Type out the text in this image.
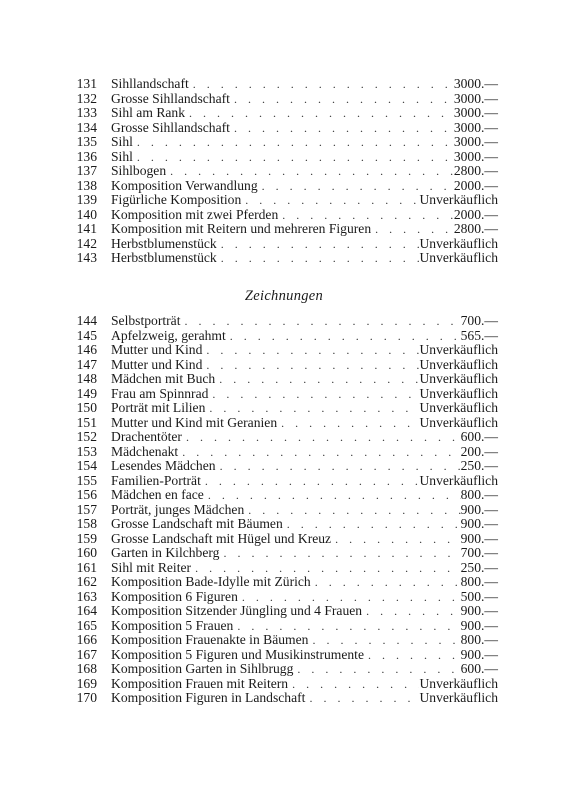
131	Sihllandschaft . . .	3000.—
132	Grosse Sihllandschaft . . .	3000.—
133	Sihl am Rank . . .	3000.—
134	Grosse Sihllandschaft . . .	3000.—
135	Sihl . . .	3000.—
136	Sihl . . .	3000.—
137	Sihlbogen . . .	2800.—
138	Komposition Verwandlung . . .	2000.—
139	Figürliche Komposition . . .	Unverkäuflich
140	Komposition mit zwei Pferden . . .	2000.—
141	Komposition mit Reitern und mehreren Figuren . . .	2800.—
142	Herbstblumenstück . . .	Unverkäuflich
143	Herbstblumenstück . . .	Unverkäuflich
Zeichnungen
144	Selbstporträt . . .	700.—
145	Apfelzweig, gerahmt . . .	565.—
146	Mutter und Kind . . .	Unverkäuflich
147	Mutter und Kind . . .	Unverkäuflich
148	Mädchen mit Buch . . .	Unverkäuflich
149	Frau am Spinnrad . . .	Unverkäuflich
150	Porträt mit Lilien . . .	Unverkäuflich
151	Mutter und Kind mit Geranien . . .	Unverkäuflich
152	Drachentöter . . .	600.—
153	Mädchenakt . . .	200.—
154	Lesendes Mädchen . . .	250.—
155	Familien-Porträt . . .	Unverkäuflich
156	Mädchen en face . . .	800.—
157	Porträt, junges Mädchen . . .	900.—
158	Grosse Landschaft mit Bäumen . . .	900.—
159	Grosse Landschaft mit Hügel und Kreuz . . .	900.—
160	Garten in Kilchberg . . .	700.—
161	Sihl mit Reiter . . .	250.—
162	Komposition Bade-Idylle mit Zürich . . .	800.—
163	Komposition 6 Figuren . . .	500.—
164	Komposition Sitzender Jüngling und 4 Frauen . . .	900.—
165	Komposition 5 Frauen . . .	900.—
166	Komposition Frauenakte in Bäumen . . .	800.—
167	Komposition 5 Figuren und Musikinstrumente . . .	900.—
168	Komposition Garten in Sihlbrugg . . .	600.—
169	Komposition Frauen mit Reitern . . .	Unverkäuflich
170	Komposition Figuren in Landschaft . . .	Unverkäuflich
